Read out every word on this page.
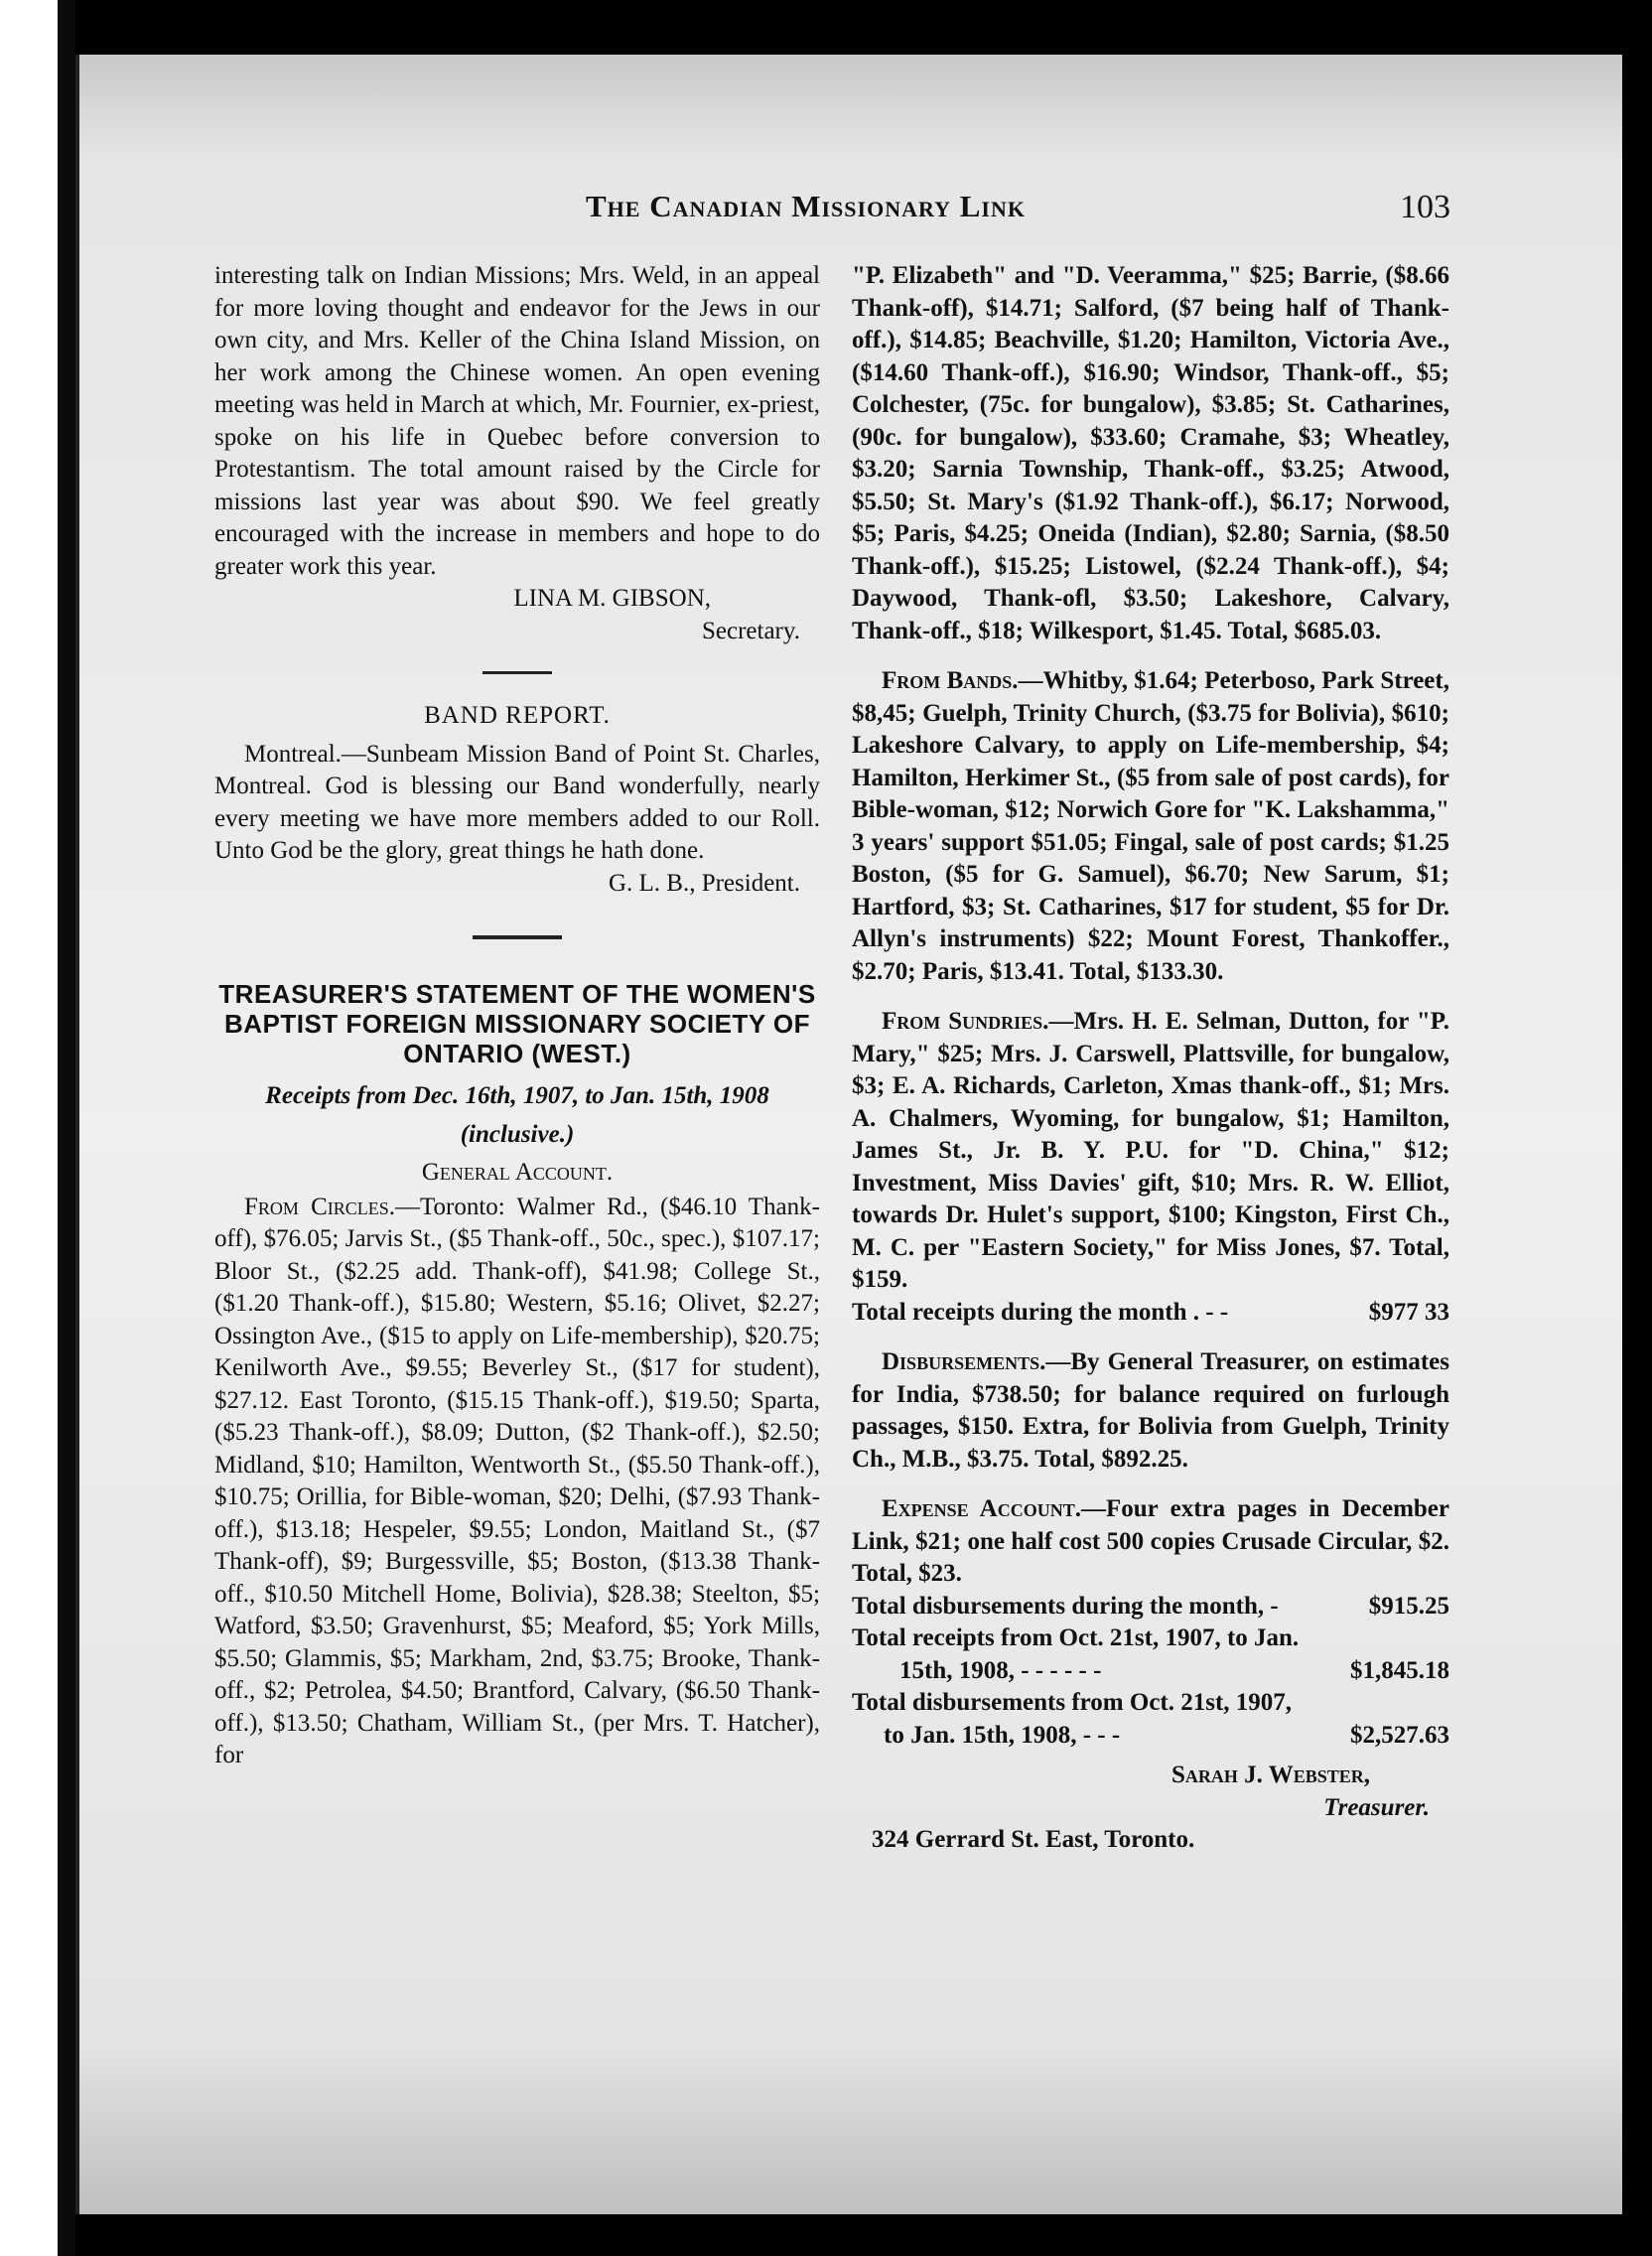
The Canadian Missionary Link	103

interesting talk on Indian Missions; Mrs. Weld, in an appeal for more loving thought and endeavor for the Jews in our own city, and Mrs. Keller of the China Island Mission, on her work among the Chinese women. An open evening meeting was held in March at which, Mr. Fournier, ex-priest, spoke on his life in Quebec before conversion to Protestantism. The total amount raised by the Circle for missions last year was about $90. We feel greatly encouraged with the increase in members and hope to do greater work this year.

LINA M. GIBSON,

Secretary.

BAND REPORT.

Montreal.—Sunbeam Mission Band of Point St. Charles, Montreal. God is blessing our Band wonderfully, nearly every meeting we have more members added to our Roll. Unto God be the glory, great things he hath done.

G. L. B., President.

TREASURER'S STATEMENT OF THE WOMEN'S BAPTIST FOREIGN MISSIONARY SOCIETY OF ONTARIO (WEST.)

Receipts from Dec. 16th, 1907, to Jan. 15th, 1908

(inclusive.)

General Account.

From Circles.—Toronto: Walmer Rd., ($46.10 Thank-off), $76.05; Jarvis St., ($5 Thank-off., 50c., spec.), $107.17; Bloor St., ($2.25 add. Thank-off), $41.98; College St., ($1.20 Thank-off.), $15.80; Western, $5.16; Olivet, $2.27; Ossington Ave., ($15 to apply on Life-membership), $20.75; Kenilworth Ave., $9.55; Beverley St., ($17 for student), $27.12. East Toronto, ($15.15 Thank-off.), $19.50; Sparta, ($5.23 Thank-off.), $8.09; Dutton, ($2 Thank-off.), $2.50; Midland, $10; Hamilton, Wentworth St., ($5.50 Thank-off.), $10.75; Orillia, for Bible-woman, $20; Delhi, ($7.93 Thank-off.), $13.18; Hespeler, $9.55; London, Maitland St., ($7 Thank-off), $9; Burgessville, $5; Boston, ($13.38 Thank-off., $10.50 Mitchell Home, Bolivia), $28.38; Steelton, $5; Watford, $3.50; Gravenhurst, $5; Meaford, $5; York Mills, $5.50; Glammis, $5; Markham, 2nd, $3.75; Brooke, Thank-off., $2; Petrolea, $4.50; Brantford, Calvary, ($6.50 Thank-off.), $13.50; Chatham, William St., (per Mrs. T. Hatcher), for

"P. Elizabeth" and "D. Veeramma," $25; Barrie, ($8.66 Thank-off), $14.71; Salford, ($7 being half of Thank-off.), $14.85; Beachville, $1.20; Hamilton, Victoria Ave., ($14.60 Thank-off.), $16.90; Windsor, Thank-off., $5; Colchester, (75c. for bungalow), $3.85; St. Catharines, (90c. for bungalow), $33.60; Cramahe, $3; Wheatley, $3.20; Sarnia Township, Thank-off., $3.25; Atwood, $5.50; St. Mary's ($1.92 Thank-off.), $6.17; Norwood, $5; Paris, $4.25; Oneida (Indian), $2.80; Sarnia, ($8.50 Thank-off.), $15.25; Listowel, ($2.24 Thank-off.), $4; Daywood, Thank-ofl, $3.50; Lakeshore, Calvary, Thank-off., $18; Wilkesport, $1.45. Total, $685.03.

From Bands.—Whitby, $1.64; Peterboso, Park Street, $8,45; Guelph, Trinity Church, ($3.75 for Bolivia), $610; Lakeshore Calvary, to apply on Life-membership, $4; Hamilton, Herkimer St., ($5 from sale of post cards), for Bible-woman, $12; Norwich Gore for "K. Lakshamma," 3 years' support $51.05; Fingal, sale of post cards; $1.25 Boston, ($5 for G. Samuel), $6.70; New Sarum, $1; Hartford, $3; St. Catharines, $17 for student, $5 for Dr. Allyn's instruments) $22; Mount Forest, Thankoffer., $2.70; Paris, $13.41. Total, $133.30.

From Sundries.—Mrs. H. E. Selman, Dutton, for "P. Mary," $25; Mrs. J. Carswell, Plattsville, for bungalow, $3; E. A. Richards, Carleton, Xmas thank-off., $1; Mrs. A. Chalmers, Wyoming, for bungalow, $1; Hamilton, James St., Jr. B. Y. P.U. for "D. China," $12; Investment, Miss Davies' gift, $10; Mrs. R. W. Elliot, towards Dr. Hulet's support, $100; Kingston, First Ch., M. C. per "Eastern Society," for Miss Jones, $7. Total, $159.

Total receipts during the month . - -	$977 33

Disbursements.—By General Treasurer, on estimates for India, $738.50; for balance required on furlough passages, $150. Extra, for Bolivia from Guelph, Trinity Ch., M.B., $3.75. Total, $892.25.

Expense Account.—Four extra pages in December Link, $21; one half cost 500 copies Crusade Circular, $2. Total, $23.

Total disbursements during the month, -	$915.25

Total receipts from Oct. 21st, 1907, to Jan.

15th, 1908, - - - - - -	$1,845.18

Total disbursements from Oct. 21st, 1907,

to Jan. 15th, 1908, - - -	$2,527.63

Sarah J. Webster,

Treasurer.

324 Gerrard St. East, Toronto.
